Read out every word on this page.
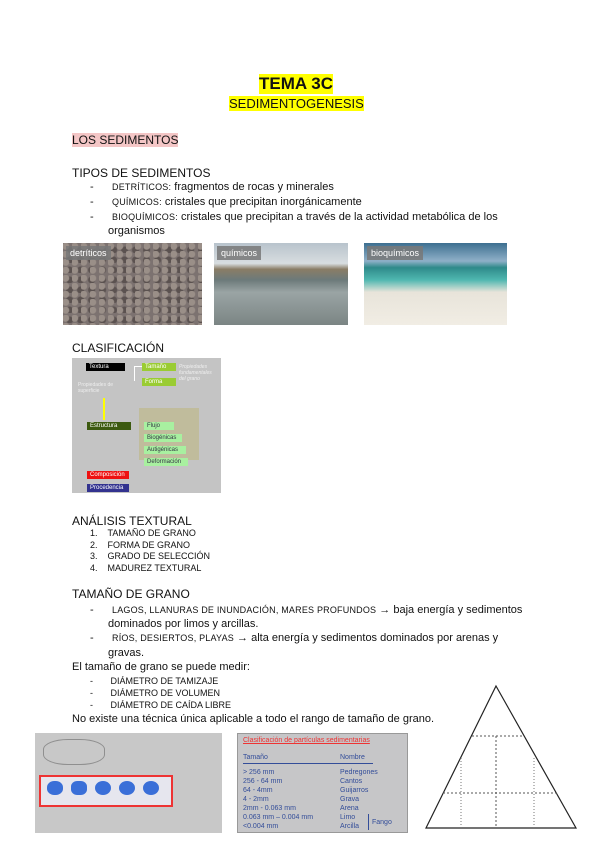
TEMA 3C
SEDIMENTOGENESIS
LOS SEDIMENTOS
TIPOS DE SEDIMENTOS
-      DETRÍTICOS: fragmentos de rocas y minerales
-      QUÍMICOS: cristales que precipitan inorgánicamente
-      BIOQUÍMICOS: cristales que precipitan a través de la actividad metabólica de los
organismos
detríticos	químicos	bioquímicos
CLASIFICACIÓN
Textura	Tamaño
Forma
Propiedades fundamentales del grano
Propiedades de superficie
Estructura	Flujo
Biogénicas
Autigénicas
Deformación
Composición
Procedencia
ANÁLISIS TEXTURAL
1.    TAMAÑO DE GRANO
2.    FORMA DE GRANO
3.    GRADO DE SELECCIÓN
4.    MADUREZ TEXTURAL
TAMAÑO DE GRANO
-      LAGOS, LLANURAS DE INUNDACIÓN, MARES PROFUNDOS → baja energía y sedimentos
dominados por limos y arcillas.
-      RÍOS, DESIERTOS, PLAYAS → alta energía y sedimentos dominados por arenas y
gravas.
El tamaño de grano se puede medir:
-       DIÁMETRO DE TAMIZAJE
-       DIÁMETRO DE VOLUMEN
-       DIÁMETRO DE CAÍDA LIBRE
No existe una técnica única aplicable a todo el rango de tamaño de grano.
Clasificación de partículas sedimentarias
Tamaño	Nombre
> 256 mm	Pedregones
256 - 64 mm	Cantos
64 - 4mm	Guijarros
4 - 2mm	Grava
2mm - 0.063 mm	Arena
0.063 mm – 0.004 mm	Limo
<0.004 mm	Arcilla
Fango
